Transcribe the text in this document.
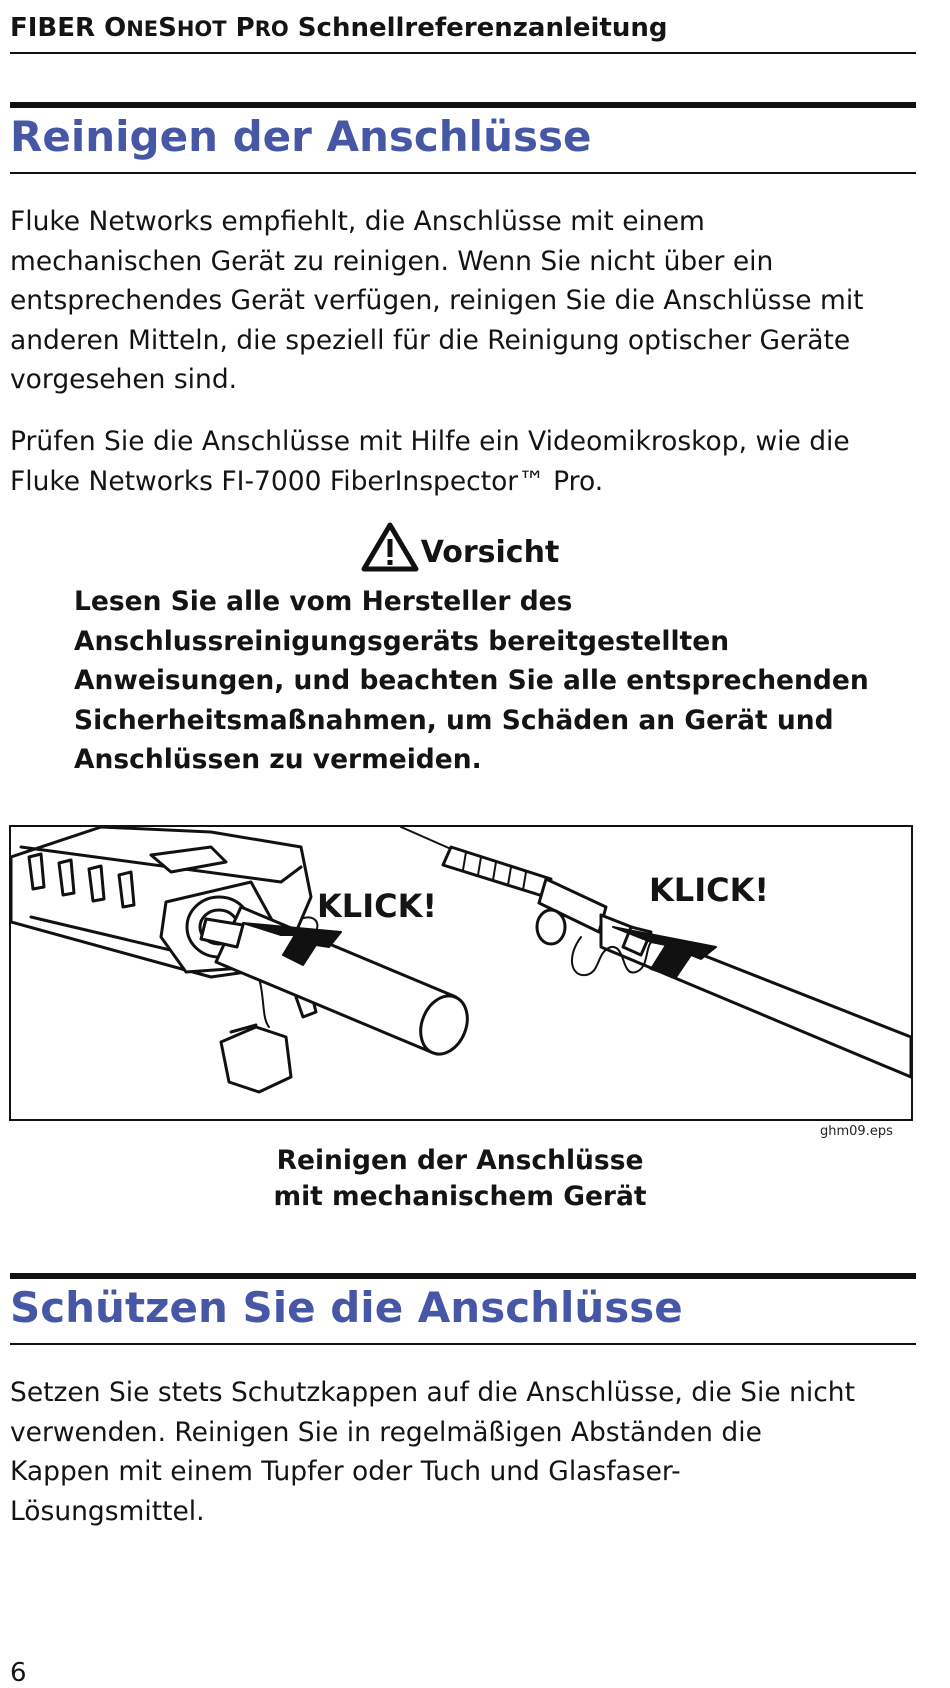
FIBER ONESHOT PRO Schnellreferenzanleitung
Reinigen der Anschlüsse
Fluke Networks empfiehlt, die Anschlüsse mit einem
mechanischen Gerät zu reinigen. Wenn Sie nicht über ein
entsprechendes Gerät verfügen, reinigen Sie die Anschlüsse mit
anderen Mitteln, die speziell für die Reinigung optischer Geräte
vorgesehen sind.
Prüfen Sie die Anschlüsse mit Hilfe ein Videomikroskop, wie die
Fluke Networks FI-7000 FiberInspector™ Pro.
Vorsicht
Lesen Sie alle vom Hersteller des
Anschlussreinigungsgeräts bereitgestellten
Anweisungen, und beachten Sie alle entsprechenden
Sicherheitsmaßnahmen, um Schäden an Gerät und
Anschlüssen zu vermeiden.
KLICK!	KLICK!
ghm09.eps
Reinigen der Anschlüsse
mit mechanischem Gerät
Schützen Sie die Anschlüsse
Setzen Sie stets Schutzkappen auf die Anschlüsse, die Sie nicht
verwenden. Reinigen Sie in regelmäßigen Abständen die
Kappen mit einem Tupfer oder Tuch und Glasfaser-
Lösungsmittel.
6
